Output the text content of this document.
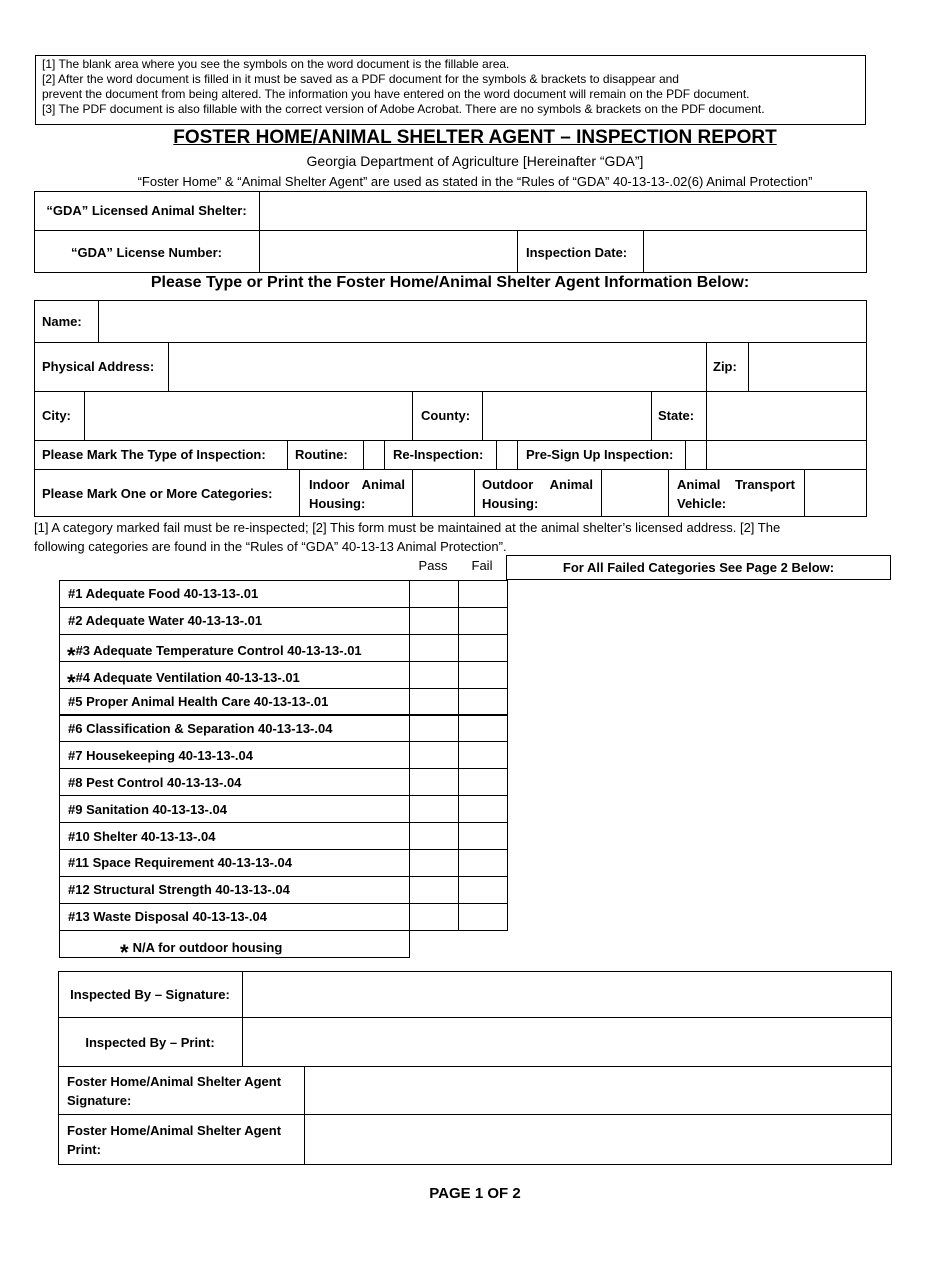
[1] The blank area where you see the symbols on the word document is the fillable area.
[2] After the word document is filled in it must be saved as a PDF document for the symbols & brackets to disappear and
prevent the document from being altered. The information you have entered on the word document will remain on the PDF document.
[3] The PDF document is also fillable with the correct version of Adobe Acrobat. There are no symbols & brackets on the PDF document.
FOSTER HOME/ANIMAL SHELTER AGENT – INSPECTION REPORT
Georgia Department of Agriculture [Hereinafter “GDA”]
“Foster Home” & “Animal Shelter Agent” are used as stated in the “Rules of “GDA” 40-13-13-.02(6) Animal Protection”
“GDA” Licensed Animal Shelter:
“GDA” License Number:	Inspection Date:
Please Type or Print the Foster Home/Animal Shelter Agent Information Below:
Name:
Physical Address:	Zip:
City:	County:	State:
Please Mark The Type of Inspection: Routine:	Re-Inspection:	Pre-Sign Up Inspection:
Please Mark One or More Categories:
Indoor Animal
Housing:
Outdoor Animal
Housing:
Animal Transport
Vehicle:
[1] A category marked fail must be re-inspected; [2] This form must be maintained at the animal shelter’s licensed address. [2] The
following categories are found in the “Rules of “GDA” 40-13-13 Animal Protection”.
Pass	Fail	For All Failed Categories See Page 2 Below:
#1 Adequate Food 40-13-13-.01
#2 Adequate Water 40-13-13-.01
* #3 Adequate Temperature Control 40-13-13-.01
* #4 Adequate Ventilation 40-13-13-.01
#5 Proper Animal Health Care 40-13-13-.01
#6 Classification & Separation 40-13-13-.04
#7 Housekeeping 40-13-13-.04
#8 Pest Control 40-13-13-.04
#9 Sanitation 40-13-13-.04
#10 Shelter 40-13-13-.04
#11 Space Requirement 40-13-13-.04
#12 Structural Strength 40-13-13-.04
#13 Waste Disposal 40-13-13-.04
* N/A for outdoor housing
Inspected By – Signature:
Inspected By – Print:
Foster Home/Animal Shelter Agent
Signature:
Foster Home/Animal Shelter Agent
Print:
PAGE 1 OF 2
